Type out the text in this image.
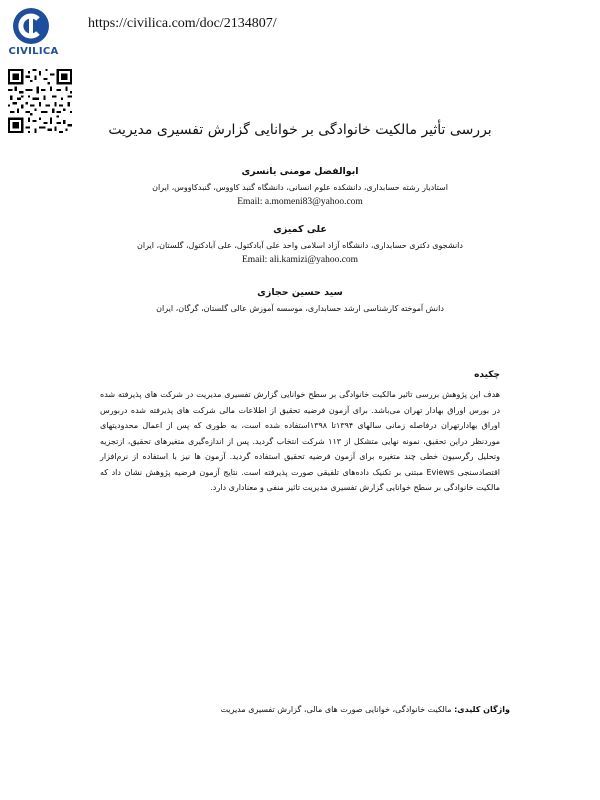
CIVILICA
https://civilica.com/doc/2134807/
بررسی تأثیر مالکیت خانوادگی بر خوانایی گزارش تفسیری مدیریت

ابوالفضل مومنی یانسری

استادیار رشته حسابداری، دانشکده علوم انسانی، دانشگاه گنبد کاووس، گنبدکاووس، ایران

Email: a.momeni83@yahoo.com

علی کمیزی

دانشجوی دکتری حسابداری، دانشگاه آزاد اسلامی واحد علی آبادکتول، علی آبادکتول، گلستان، ایران

Email: ali.kamizi@yahoo.com

سید حسین حجازی

دانش آموخته کارشناسی ارشد حسابداری، موسسه آموزش عالی گلستان، گرگان، ایران

چکیده

هدف این پژوهش بررسی تاثیر مالکیت خانوادگی بر سطح خوانایی گزارش تفسیری مدیریت در شرکت های پذیرفته شده در بورس اوراق بهادار تهران می‌باشد. برای آزمون فرضیه تحقیق از اطلاعات مالی شرکت های پذیرفته شده دربورس اوراق بهادارتهران درفاصله زمانی سالهای ۱۳۹۴تا ۱۳۹۸استفاده شده است، به طوری که پس از اعمال محدودیتهای موردنظر دراین تحقیق، نمونه نهایی متشکل از ۱۱۳ شرکت انتخاب گردید. پس از اندازه‌گیری متغیرهای تحقیق، ازتجزیه وتحلیل رگرسیون خطی چند متغیره برای آزمون فرضیه تحقیق استفاده گردید. آزمون ها نیز با استفاده از نرم‌افزار اقتصادسنجی Eviews مبتنی بر تکنیک داده‌های تلفیقی صورت پذیرفته است. نتایج آزمون فرضیه پژوهش نشان داد که مالکیت خانوادگی بر سطح خوانایی گزارش تفسیری مدیریت تاثیر منفی و معناداری دارد.

واژگان کلیدی: مالکیت خانوادگی، خوانایی صورت های مالی، گزارش تفسیری مدیریت
